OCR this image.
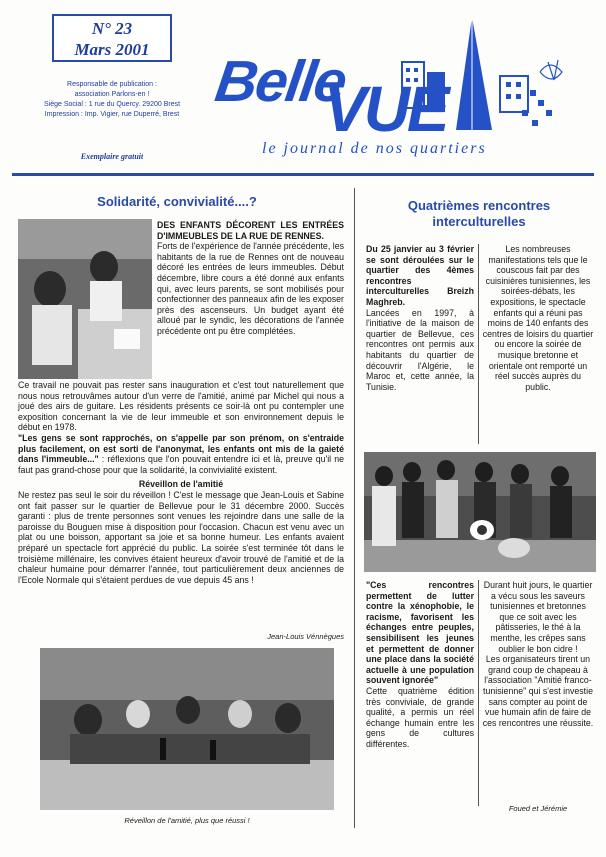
N° 23
Mars 2001
Responsable de publication :
association Parlons-en !
Siège Social : 1 rue du Quercy. 29200 Brest
Impression : Imp. Vigier, rue Duperré, Brest
Exemplaire gratuit
Belle
VUE
le journal de nos quartiers
Solidarité, convivialité....?

DES ENFANTS DÉCORENT LES ENTRÉES D'IMMEUBLES DE LA RUE DE RENNES.

Forts de l'expérience de l'année précédente, les habitants de la rue de Rennes ont de nouveau décoré les entrées de leurs immeubles. Début décembre, libre cours a été donné aux enfants qui, avec leurs parents, se sont mobilisés pour confectionner des panneaux afin de les exposer près des ascenseurs. Un budget ayant été alloué par le syndic, les décorations de l'année précédente ont pu être complétées.

Ce travail ne pouvait pas rester sans inauguration et c'est tout naturellement que nous nous retrouvâmes autour d'un verre de l'amitié, animé par Michel qui nous a joué des airs de guitare. Les résidents présents ce soir-là ont pu contempler une exposition concernant la vie de leur immeuble et son environnement depuis le début en 1978.

"Les gens se sont rapprochés, on s'appelle par son prénom, on s'entraide plus facilement, on est sorti de l'anonymat, les enfants ont mis de la gaieté dans l'immeuble..." : réflexions que l'on pouvait entendre ici et là, preuve qu'il ne faut pas grand-chose pour que la solidarité, la convivialité existent.

Réveillon de l'amitié

Ne restez pas seul le soir du réveillon ! C'est le message que Jean-Louis et Sabine ont fait passer sur le quartier de Bellevue pour le 31 décembre 2000. Succès garanti : plus de trente personnes sont venues les rejoindre dans une salle de la paroisse du Bouguen mise à disposition pour l'occasion. Chacun est venu avec un plat ou une boisson, apportant sa joie et sa bonne humeur. Les enfants avaient préparé un spectacle fort apprécié du public. La soirée s'est terminée tôt dans le troisième millénaire, les convives étaient heureux d'avoir trouvé de l'amitié et de la chaleur humaine pour démarrer l'année, tout particulièrement deux anciennes de l'Ecole Normale qui s'étaient perdues de vue depuis 45 ans !

Jean-Louis Vénnègues
Réveillon de l'amitié, plus que réussi !
Quatrièmes rencontres
interculturelles

Du 25 janvier au 3 février se sont déroulées sur le quartier des 4èmes rencontres interculturelles Breizh Maghreb.

Lancées en 1997, à l'initiative de la maison de quartier de Bellevue, ces rencontres ont permis aux habitants du quartier de découvrir l'Algérie, le Maroc et, cette année, la Tunisie.

Les nombreuses manifestations tels que le couscous fait par des cuisinières tunisiennes, les soirées-débats, les expositions, le spectacle enfants qui a réuni pas moins de 140 enfants des centres de loisirs du quartier ou encore la soirée de musique bretonne et orientale ont remporté un réel succès auprès du public.

"Ces rencontres permettent de lutter contre la xénophobie, le racisme, favorisent les échanges entre peuples, sensibilisent les jeunes et permettent de donner une place dans la société actuelle à une population souvent ignorée"

Cette quatrième édition très conviviale, de grande qualité, a permis un réel échange humain entre les gens de cultures différentes.

Durant huit jours, le quartier a vécu sous les saveurs tunisiennes et bretonnes que ce soit avec les pâtisseries, le thé à la menthe, les crêpes sans oublier le bon cidre !

Les organisateurs tirent un grand coup de chapeau à l'association "Amitié franco-tunisienne" qui s'est investie sans compter au point de vue humain afin de faire de ces rencontres une réussite.

Foued et Jérémie
